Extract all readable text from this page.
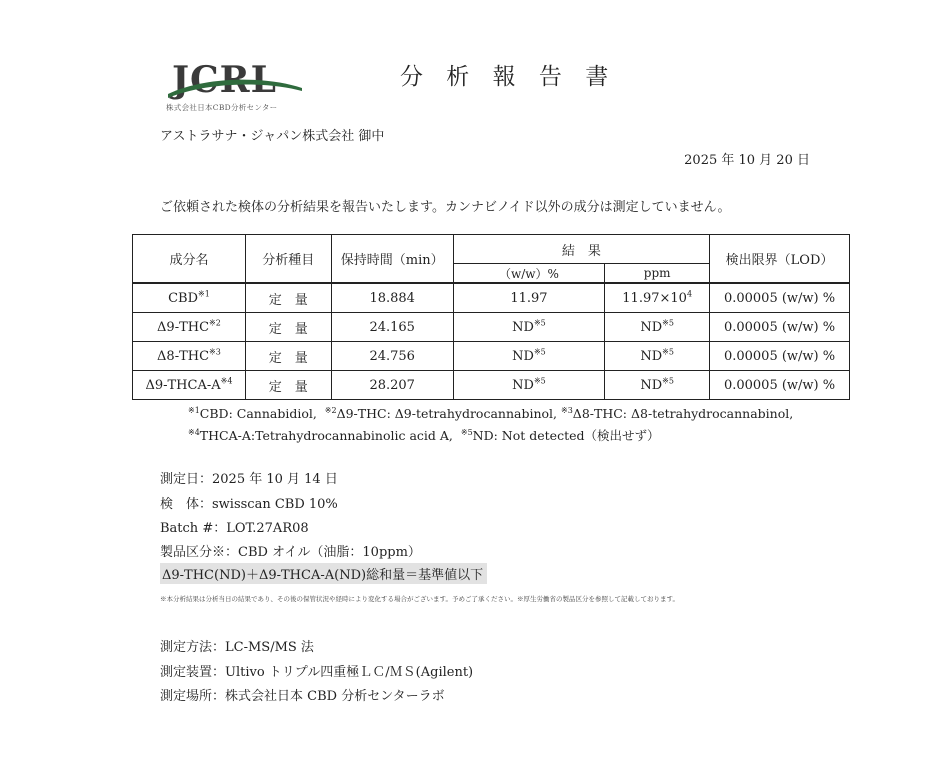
JCRL
株式会社日本CBD分析センター
分 析 報 告 書
アストラサナ・ジャパン株式会社 御中
2025 年 10 月 20 日
ご依頼された検体の分析結果を報告いたします。カンナビノイド以外の成分は測定していません。
成分名	分析種目	保持時間（min）	結　果		検出限界（LOD）
			（w/w）%	ppm	
CBD$^{※1}$	定　量	18.884	11.97	$11.97\times 10^4$	0.00005 (w/w) %
Δ9-THC$^{※2}$	定　量	24.165	ND$^{※5}$	ND$^{※5}$	0.00005 (w/w) %
Δ8-THC$^{※3}$	定　量	24.756	ND$^{※5}$	ND$^{※5}$	0.00005 (w/w) %
$\Delta 9-THCA-A^{※4}$	定　量	28.207	ND$^{※5}$	ND$^{※5}$	0.00005 (w/w) %
$^{※1}$CBD: Cannabidiol, $^{※2}$Δ9-THC: Δ9-tetrahydrocannabinol, $^{※3}$Δ8-THC: Δ8-tetrahydrocannabinol,
$^{※4}$THCA-A:Tetrahydrocannabinolic acid A, $^{※5}$ND: Not detected（検出せず）
測定日：2025 年 10 月 14 日
検　体：swisscan CBD 10%
Batch #：LOT.27AR08
製品区分※：CBD オイル（油脂：10ppm）
Δ9-THC(ND)＋Δ9-THCA-A(ND)総和量＝基準値以下
※本分析結果は分析当日の結果であり、その後の保管状況や経時により変化する場合がございます。予めご了承ください。※厚生労働省の製品区分を参照して記載しております。
測定方法：LC-MS/MS 法
測定装置：Ultivo トリプル四重極ＬＣ/ＭＳ(Agilent)
測定場所：株式会社日本 CBD 分析センターラボ
